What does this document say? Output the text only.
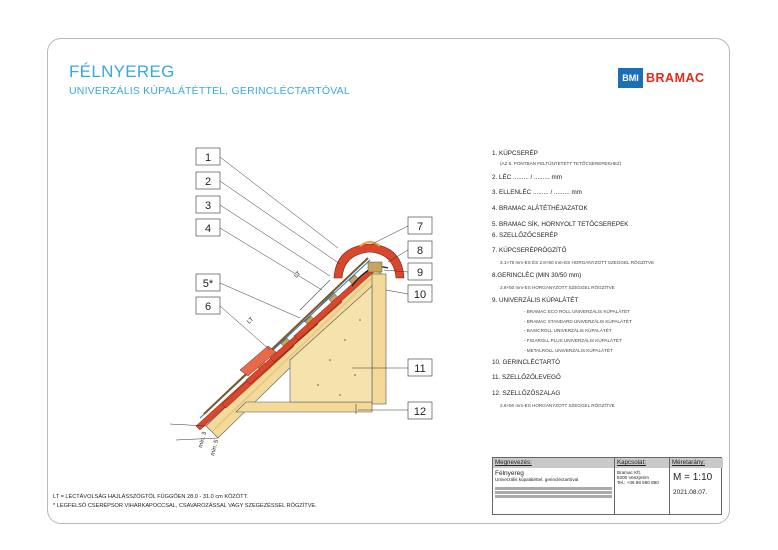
FÉLNYEREG
UNIVERZÁLIS KÚPALÁTÉTTEL, GERINCLÉCTARTÓVAL
BMI BRAMAC
1
2
3
4
5*
6
7
8
9
10
11
12
LT
LT
min. 3 min. 5
1. KÚPCSERÉP
(AZ 5. PONTBAN FELTÜNTETETT TETŐCSEREPEKHEZ)
2. LÉC ......... / ......... mm
3. ELLENLÉC ......... / ......... mm
4. BRAMAC ALÁTÉTHÉJAZATOK
5. BRAMAC SÍK, HORNYOLT TETŐCSEREPEK
6. SZELLŐZŐCSERÉP
7. KÚPCSERÉPRÖGZÍTŐ
3.1×75 mm-ES ÉS 2.8×50 mm-ES HORGANYZOTT SZEGGEL RÖGZÍTVE
8.GERINCLÉC (MIN 30/50 mm)
2.8×50 mm-ES HORGANYZOTT SZEGGEL RÖGZÍTVE
9. UNIVERZÁLIS KÚPALÁTÉT
- BRAMAC ECO ROLL UNIVERZÁLIS KÚPALÁTÉT
- BRAMAC STANDARD UNIVERZÁLIS KÚPALÁTÉT
- BASICROLL UNIVERZÁLIS KÚPALÁTÉT
- FIGAROLL PLUS UNIVERZÁLIS KÚPALÁTÉT
- METALROLL UNIVERZÁLIS KÚPALÁTÉT
10. GERINCLÉCTARTÓ
11. SZELLŐZŐLEVEGŐ
12. SZELLŐZŐSZALAG
2.8×50 mm-ES HORGANYZOTT SZEGGEL RÖGZÍTVE
LT = LÉCTÁVOLSÁG HAJLÁSSZÖGTŐL FÜGGŐEN 28.0 - 31.0 cm KÖZÖTT.
* LEGFELSŐ CSERÉPSOR VIHARKAPOCCSAL, CSAVAROZÁSSAL VAGY SZEGEZÉSSEL RÖGZÍTVE.
Megnevezés:
Félnyereg
Univerzális kúpalátéttel, gerincléctartóval
Kapcsolat:
Bramac Kft.
8200 Veszprém
Tel.: +36 88 590 890
Méretarány:
M = 1:10
2021.08.07.
